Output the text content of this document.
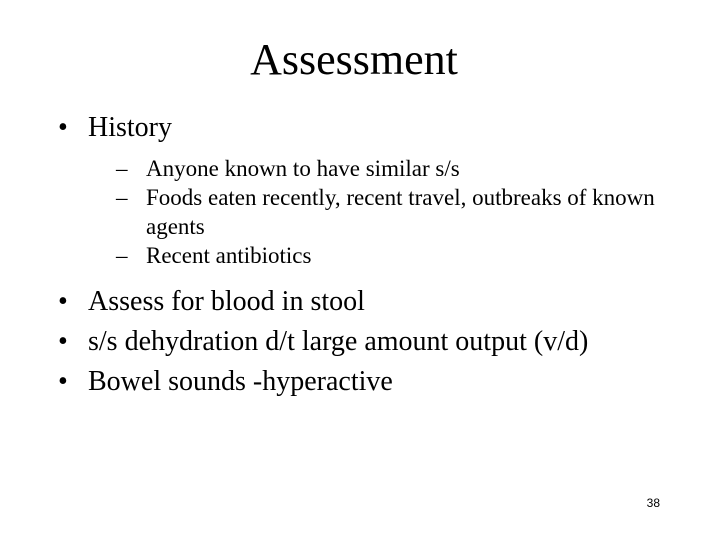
Assessment
• History
– Anyone known to have similar s/s
– Foods eaten recently, recent travel, outbreaks of known agents
– Recent antibiotics
• Assess for blood in stool
• s/s dehydration d/t large amount output (v/d)
• Bowel sounds -hyperactive
38
